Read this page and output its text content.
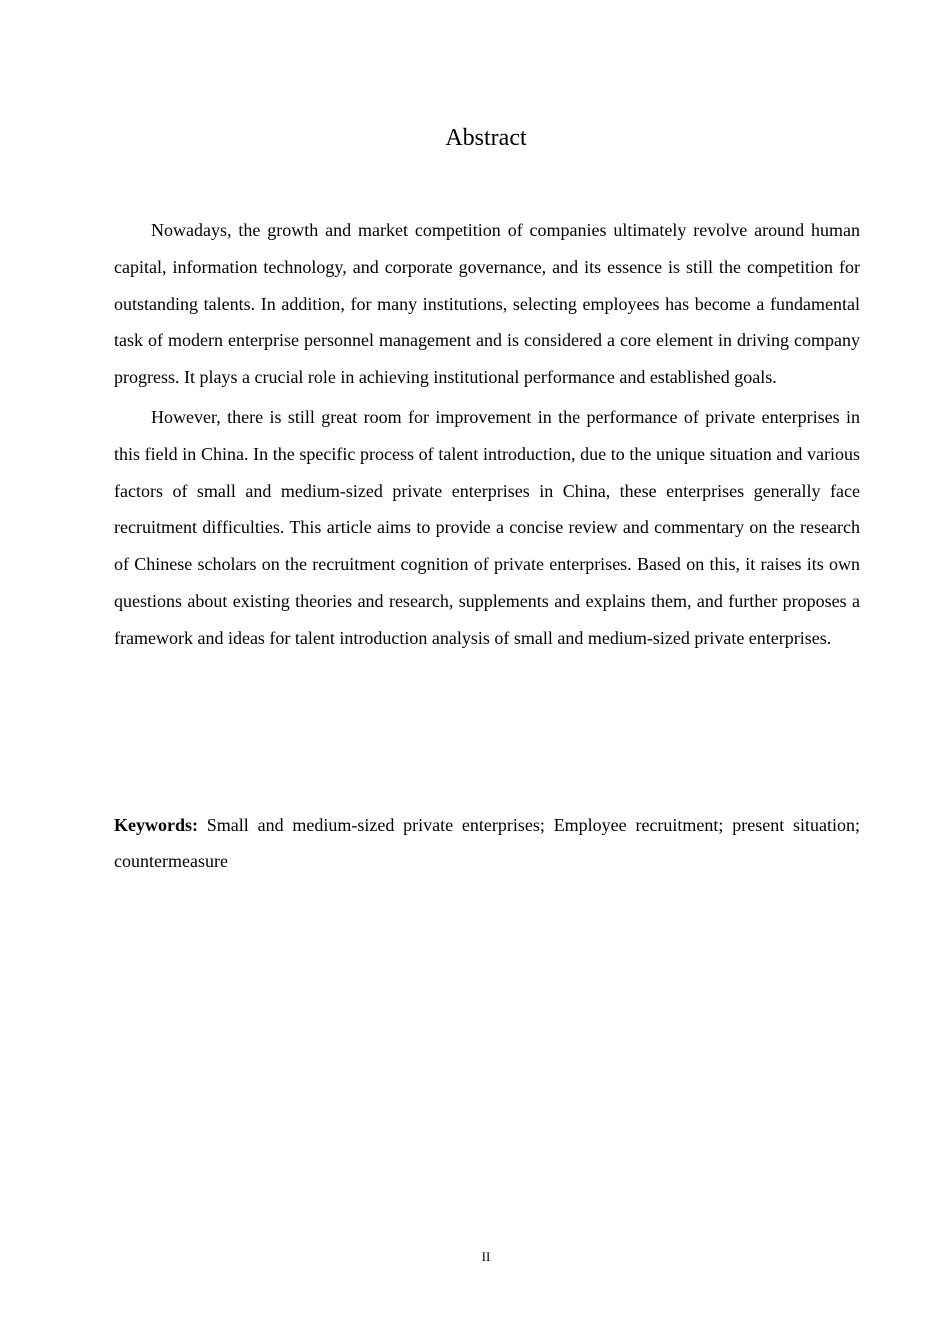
Abstract

Nowadays, the growth and market competition of companies ultimately revolve around human capital, information technology, and corporate governance, and its essence is still the competition for outstanding talents. In addition, for many institutions, selecting employees has become a fundamental task of modern enterprise personnel management and is considered a core element in driving company progress. It plays a crucial role in achieving institutional performance and established goals.

However, there is still great room for improvement in the performance of private enterprises in this field in China. In the specific process of talent introduction, due to the unique situation and various factors of small and medium-sized private enterprises in China, these enterprises generally face recruitment difficulties. This article aims to provide a concise review and commentary on the research of Chinese scholars on the recruitment cognition of private enterprises. Based on this, it raises its own questions about existing theories and research, supplements and explains them, and further proposes a framework and ideas for talent introduction analysis of small and medium-sized private enterprises.

Keywords: Small and medium-sized private enterprises; Employee recruitment; present situation; countermeasure

II
